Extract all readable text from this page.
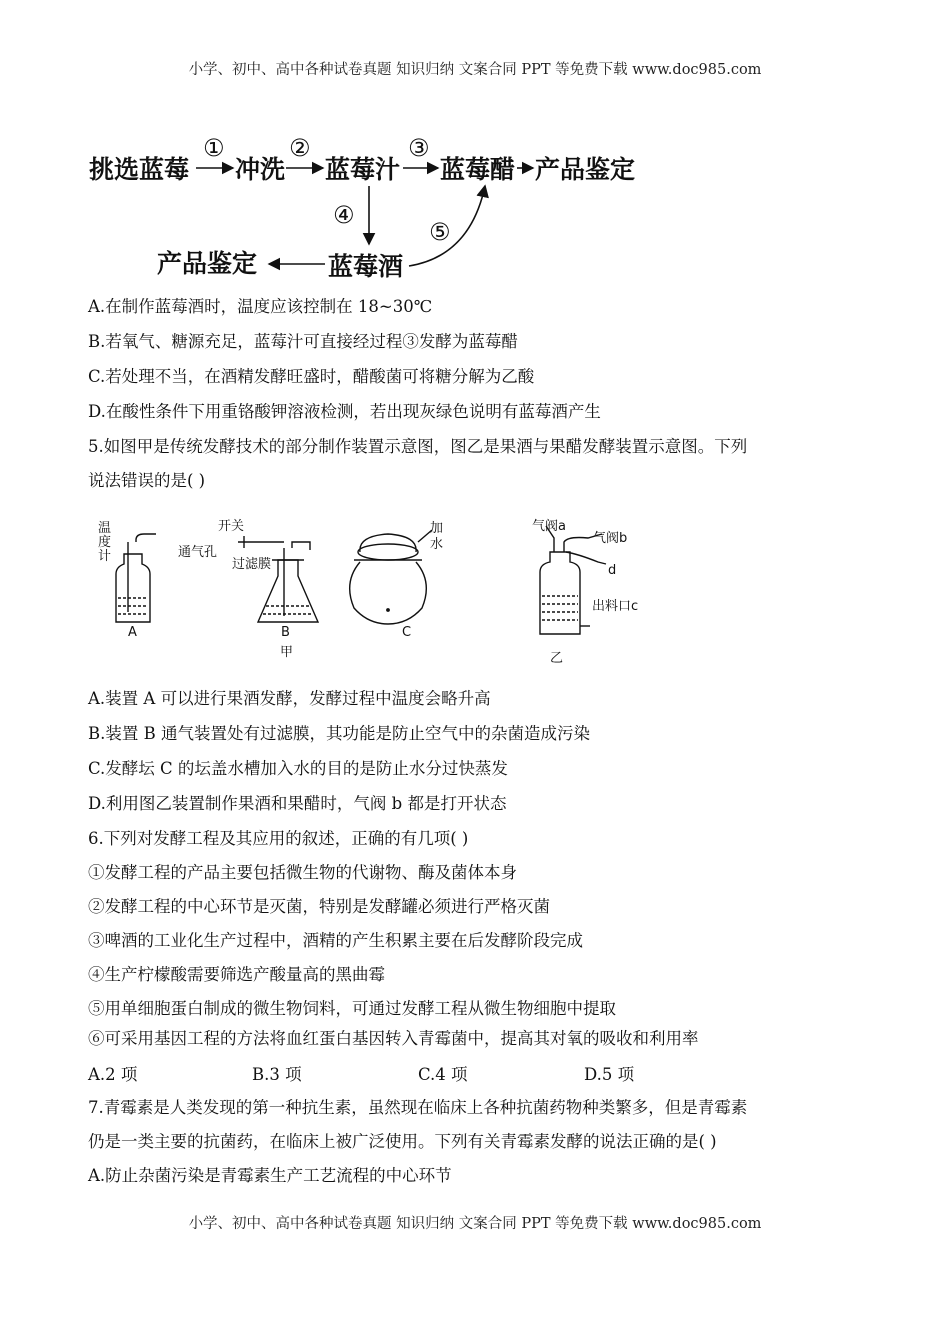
小学、初中、高中各种试卷真题 知识归纳 文案合同 PPT 等免费下载 www.doc985.com
挑选蓝莓 冲洗 蓝莓汁 蓝莓醋 产品鉴定
蓝莓酒
产品鉴定
①	②	③
④
⑤
A.在制作蓝莓酒时，温度应该控制在 18~30℃
B.若氧气、糖源充足，蓝莓汁可直接经过程③发酵为蓝莓醋
C.若处理不当，在酒精发酵旺盛时，醋酸菌可将糖分解为乙酸
D.在酸性条件下用重铬酸钾溶液检测，若出现灰绿色说明有蓝莓酒产生
5.如图甲是传统发酵技术的部分制作装置示意图，图乙是果酒与果醋发酵装置示意图。下列
说法错误的是( )
温
度
计
开关
通气孔
过滤膜
加
水
A	B	C
甲
气阀a
气阀b
d
出料口c
乙
A.装置 A 可以进行果酒发酵，发酵过程中温度会略升高
B.装置 B 通气装置处有过滤膜，其功能是防止空气中的杂菌造成污染
C.发酵坛 C 的坛盖水槽加入水的目的是防止水分过快蒸发
D.利用图乙装置制作果酒和果醋时，气阀 b 都是打开状态
6.下列对发酵工程及其应用的叙述，正确的有几项( )
①发酵工程的产品主要包括微生物的代谢物、酶及菌体本身
②发酵工程的中心环节是灭菌，特别是发酵罐必须进行严格灭菌
③啤酒的工业化生产过程中，酒精的产生积累主要在后发酵阶段完成
④生产柠檬酸需要筛选产酸量高的黑曲霉
⑤用单细胞蛋白制成的微生物饲料，可通过发酵工程从微生物细胞中提取
⑥可采用基因工程的方法将血红蛋白基因转入青霉菌中，提高其对氧的吸收和利用率
A.2 项	B.3 项	C.4 项	D.5 项
7.青霉素是人类发现的第一种抗生素，虽然现在临床上各种抗菌药物种类繁多，但是青霉素
仍是一类主要的抗菌药，在临床上被广泛使用。下列有关青霉素发酵的说法正确的是( )
A.防止杂菌污染是青霉素生产工艺流程的中心环节
小学、初中、高中各种试卷真题 知识归纳 文案合同 PPT 等免费下载 www.doc985.com
